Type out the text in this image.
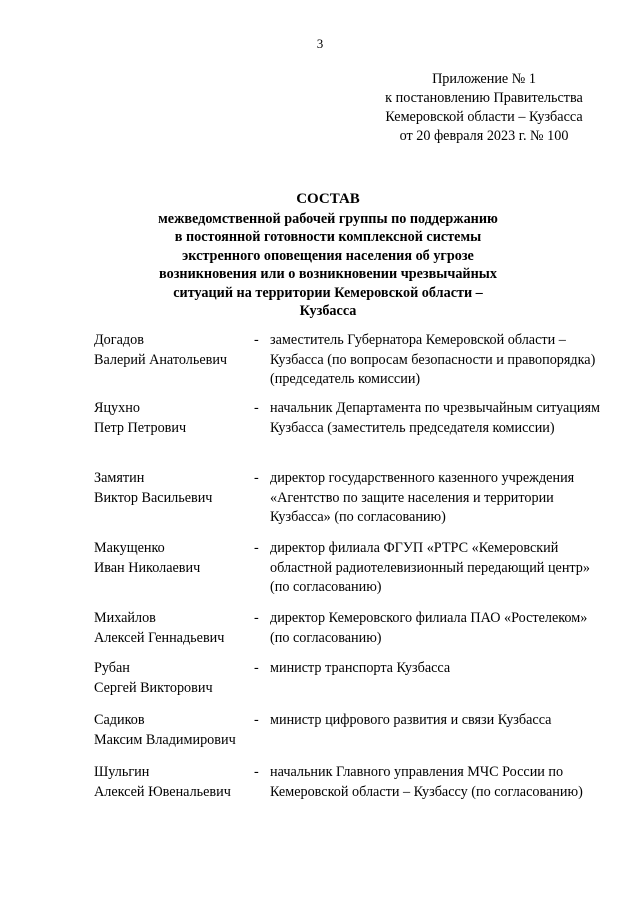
3
Приложение № 1
к постановлению Правительства
Кемеровской области – Кузбасса
от 20 февраля 2023 г. № 100
СОСТАВ
межведомственной рабочей группы по поддержанию
в постоянной готовности комплексной системы
экстренного оповещения населения об угрозе
возникновения или о возникновении чрезвычайных
ситуаций на территории Кемеровской области –
Кузбасса
Догадов
Валерий Анатольевич
- заместитель Губернатора Кемеровской области – Кузбасса (по вопросам безопасности и правопорядка) (председатель комиссии)
Яцухно
Петр Петрович
- начальник Департамента по чрезвычайным ситуациям Кузбасса (заместитель председателя комиссии)
Замятин
Виктор Васильевич
- директор государственного казенного учреждения «Агентство по защите населения и территории Кузбасса» (по согласованию)
Макущенко
Иван Николаевич
- директор филиала ФГУП «РТРС «Кемеровский областной радиотелевизионный передающий центр» (по согласованию)
Михайлов
Алексей Геннадьевич
- директор Кемеровского филиала ПАО «Ростелеком» (по согласованию)
Рубан
Сергей Викторович
- министр транспорта Кузбасса
Садиков
Максим Владимирович
- министр цифрового развития и связи Кузбасса
Шульгин
Алексей Ювенальевич
- начальник Главного управления МЧС России по Кемеровской области – Кузбассу (по согласованию)
